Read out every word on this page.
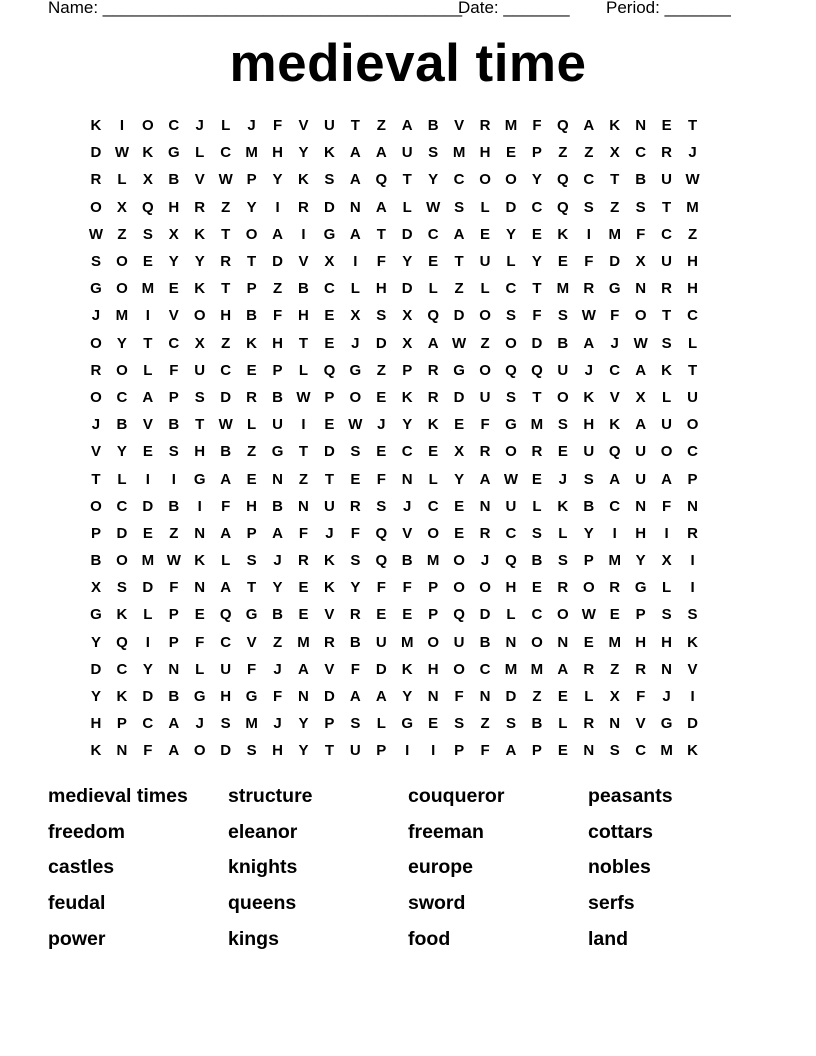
Name: ______________________________________
Date: _______ Period: _______
medieval time
K	I	O C	J	L	J	F	V	U	T	Z	A	B	V	R M	F	Q A	K	N	E	T
D W K G	L	C M H	Y	K	A	A	U	S M H	E	P	Z	Z	X	C	R	J
R	L	X	B	V W P	Y	K	S	A Q	T	Y	C O O	Y	Q C	T	B	U W
O	X	Q H	R	Z	Y	I	R	D	N	A	L W S	L	D	C Q	S	Z	S	T	M
W Z	S	X	K	T	O A	I	G A	T	D	C	A	E	Y	E	K	I	M	F	C	Z
S	O	E	Y	Y	R	T	D	V	X	I	F	Y	E	T	U	L	Y	E	F	D	X	U	H
G O M E	K	T	P	Z	B	C	L	H	D	L	Z	L	C	T	M R G N	R	H
J	M	I	V	O H	B	F	H	E	X	S	X	Q D O	S	F	S W F	O	T	C
O	Y	T	C	X	Z	K	H	T	E	J	D	X	A W Z	O D	B	A	J W S	L
R O	L	F	U	C	E	P	L	Q G	Z	P	R G O Q Q U	J	C	A	K	T
O C	A	P	S	D	R	B W P	O	E	K	R	D	U	S	T	O K	V	X	L	U
J	B	V	B	T W L	U	I	E W J	Y	K	E	F	G M S	H	K	A	U O
V	Y	E	S	H	B	Z	G	T	D	S	E	C	E	X	R O R	E	U Q U O C
T	L	I	I	G A	E	N	Z	T	E	F	N	L	Y	A W E	J	S	A	U	A	P
O C	D	B	I	F	H	B	N	U	R	S	J	C	E	N	U	L	K	B	C	N	F	N
P	D	E	Z	N	A	P	A	F	J	F	Q	V	O	E	R	C	S	L	Y	I	H	I	R
B O M W K	L	S	J	R	K	S	Q B M O	J	Q B	S	P M Y	X	I
X	S	D	F	N	A	T	Y	E	K	Y	F	F	P	O O H	E	R O R G	L	I
G K	L	P	E	Q G B	E	V	R	E	E	P	Q D	L	C O W E	P	S	S
Y	Q	I	P	F	C	V	Z	M R	B	U M O U	B	N O N	E M H	H	K
D	C	Y	N	L	U	F	J	A	V	F	D	K	H O C M M A	R	Z	R	N	V
Y	K	D	B G H G	F	N	D	A	A	Y	N	F	N	D	Z	E	L	X	F	J	I
H	P	C	A	J	S M	J	Y	P	S	L	G	E	S	Z	S	B	L	R	N	V	G D
K	N	F	A O D	S	H	Y	T	U	P	I	I	P	F	A	P	E	N	S	C M K
medieval times	structure	couqueror	peasants
freedom	eleanor	freeman	cottars
castles	knights	europe	nobles
feudal	queens	sword	serfs
power	kings	food	land
